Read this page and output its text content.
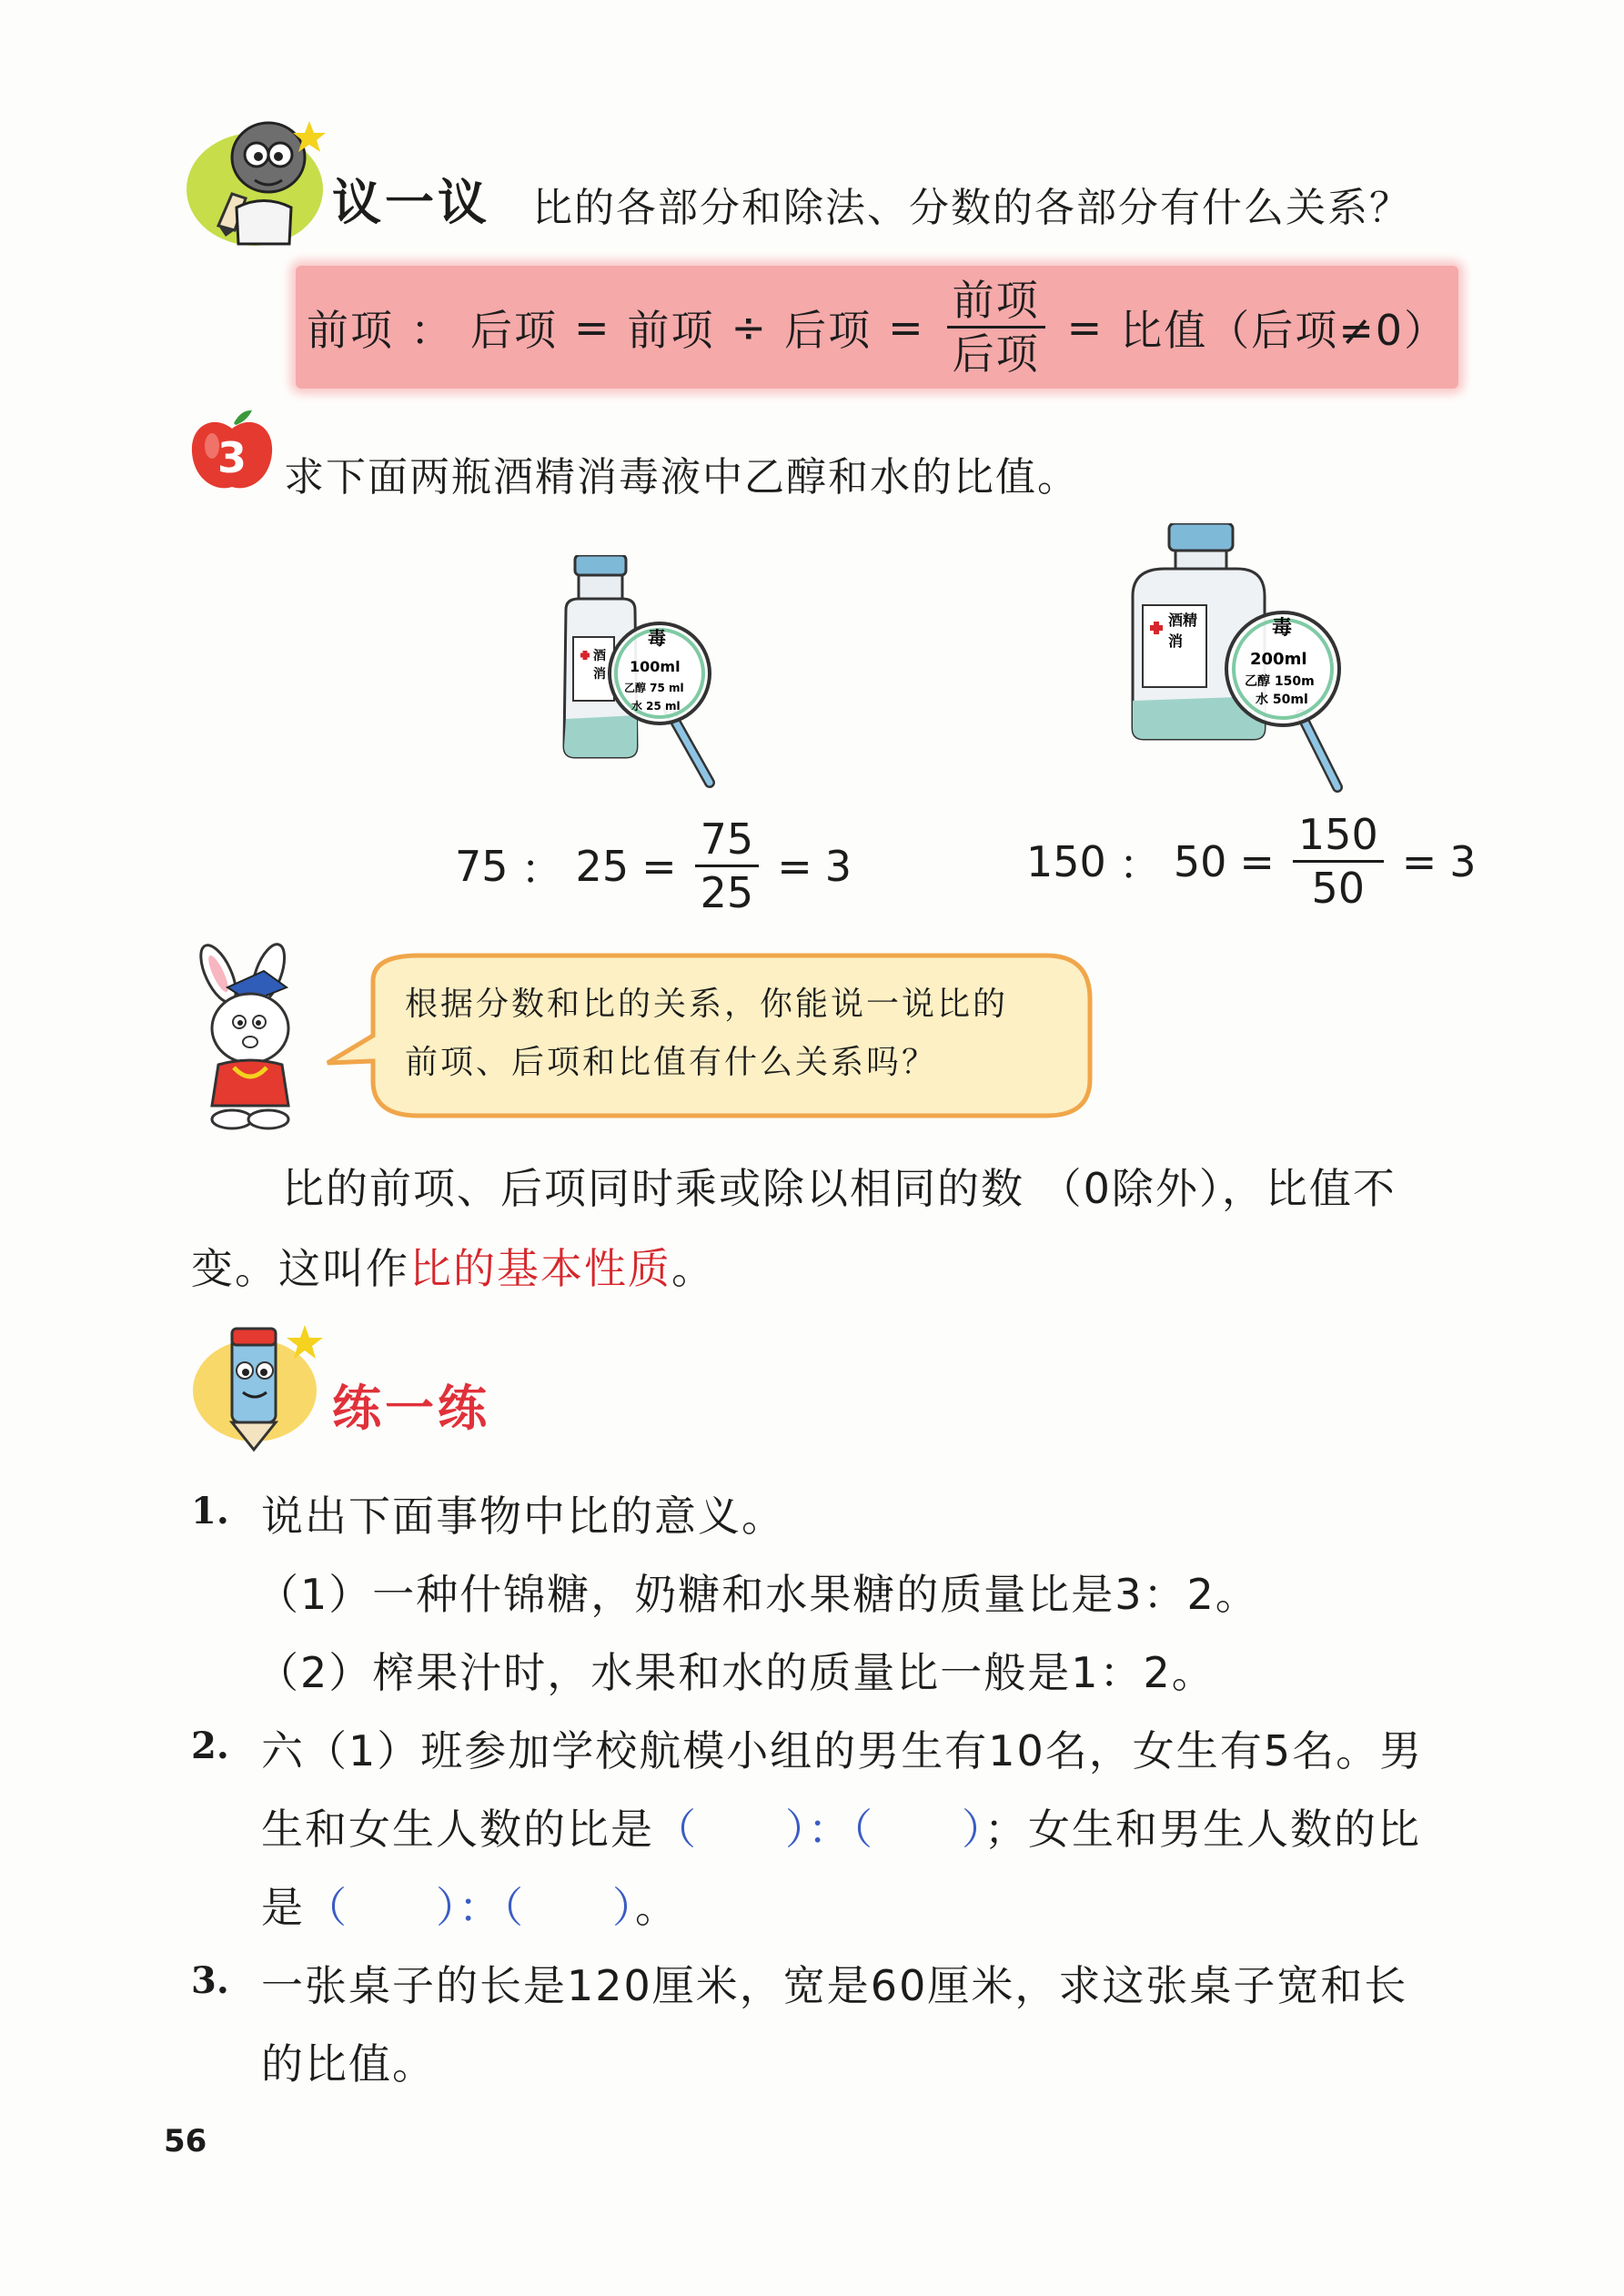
议一议 比的各部分和除法、分数的各部分有什么关系？
前项 ： 后项 = 前项 ÷ 后项 = $\frac{\text{前项}}{\text{后项}}$ = 比值（后项≠0）
3 求下面两瓶酒精消毒液中乙醇和水的比值。
酒
消
毒
100ml
乙醇 75 ml
水 25 ml
酒精
消
毒
200ml
乙醇 150m
水 50ml
75 ： $25 = \frac{75}{25} = 3$	150 ： $50 = \frac{150}{50} = 3$
根据分数和比的关系，你能说一说比的
前项、后项和比值有什么关系吗？
比的前项、后项同时乘或除以相同的数 （0除外），比值不
变。这叫作比的基本性质。
练一练
1. 说出下面事物中比的意义。
（1）一种什锦糖，奶糖和水果糖的质量比是3：2。
（2）榨果汁时，水果和水的质量比一般是1：2。
2. 六（1）班参加学校航模小组的男生有10名，女生有5名。男
生和女生人数的比是（　　）：（　　）；女生和男生人数的比
是（　　）：（　　）。
3. 一张桌子的长是120厘米，宽是60厘米，求这张桌子宽和长
的比值。
56
